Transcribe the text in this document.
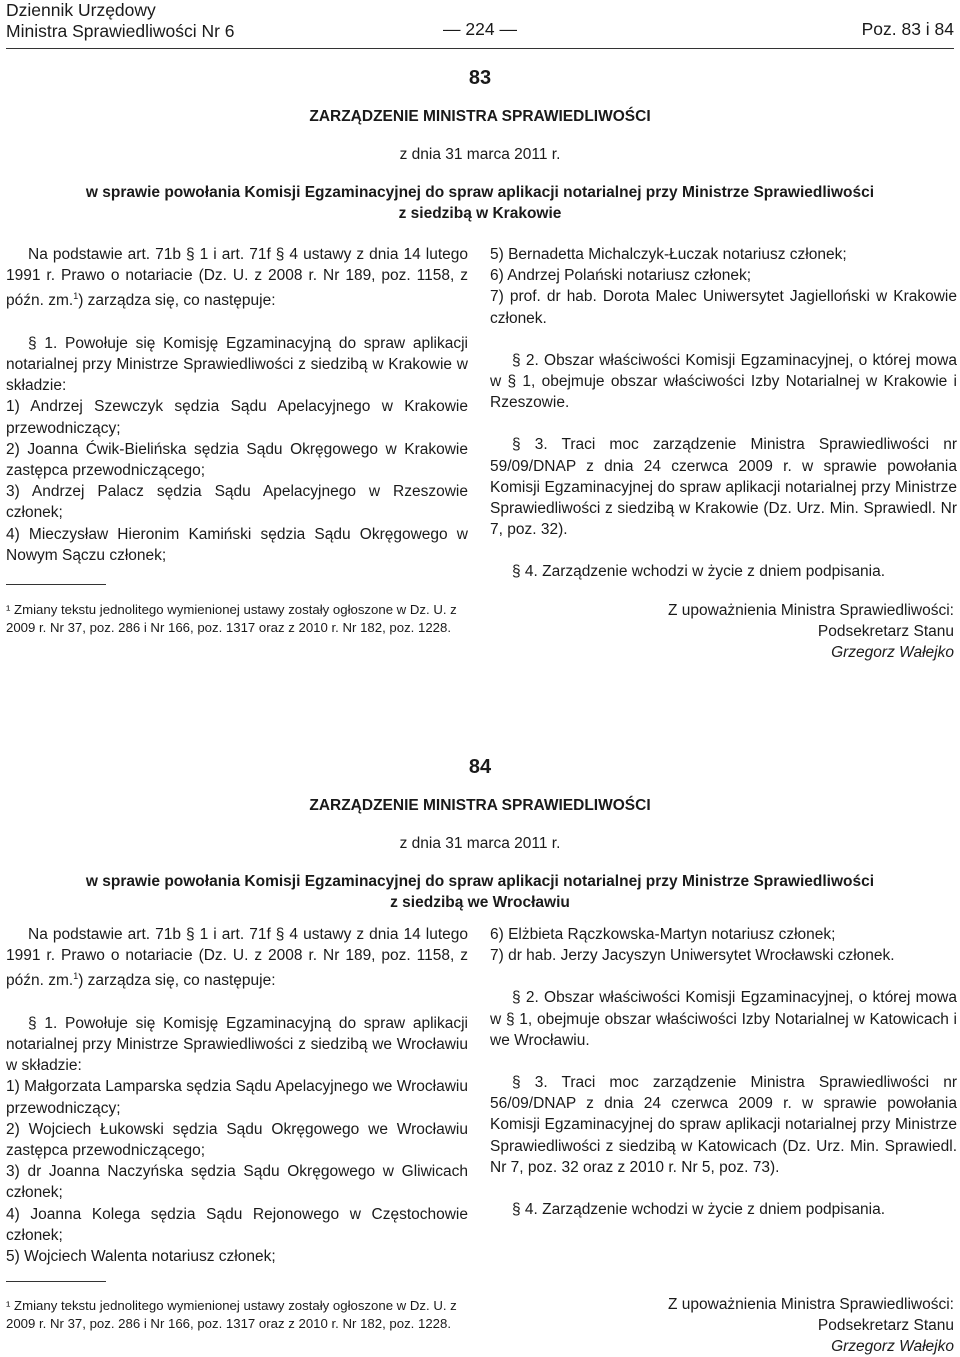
Dziennik Urzędowy
Ministra Sprawiedliwości Nr 6	— 224 —	Poz. 83 i 84
83
ZARZĄDZENIE MINISTRA SPRAWIEDLIWOŚCI
z dnia 31 marca 2011 r.
w sprawie powołania Komisji Egzaminacyjnej do spraw aplikacji notarialnej przy Ministrze Sprawiedliwości
z siedzibą w Krakowie

Na podstawie art. 71b § 1 i art. 71f § 4 ustawy z dnia 14 lutego 1991 r. Prawo o notariacie (Dz. U. z 2008 r. Nr 189, poz. 1158, z późn. zm.$^1$) zarządza się, co następuje:

§ 1. Powołuje się Komisję Egzaminacyjną do spraw aplikacji notarialnej przy Ministrze Sprawiedliwości z siedzibą w Krakowie w składzie:

1) Andrzej Szewczyk sędzia Sądu Apelacyjnego w Krakowie przewodniczący;

2) Joanna Ćwik-Bielińska sędzia Sądu Okręgowego w Krakowie zastępca przewodniczącego;

3) Andrzej Palacz sędzia Sądu Apelacyjnego w Rzeszowie członek;

4) Mieczysław Hieronim Kamiński sędzia Sądu Okręgowego w Nowym Sączu członek;

5) Bernadetta Michalczyk-Łuczak notariusz członek;

6) Andrzej Polański notariusz członek;

7) prof. dr hab. Dorota Malec Uniwersytet Jagielloński w Krakowie członek.

§ 2. Obszar właściwości Komisji Egzaminacyjnej, o której mowa w § 1, obejmuje obszar właściwości Izby Notarialnej w Krakowie i Rzeszowie.

§ 3. Traci moc zarządzenie Ministra Sprawiedliwości nr 59/09/DNAP z dnia 24 czerwca 2009 r. w sprawie powołania Komisji Egzaminacyjnej do spraw aplikacji notarialnej przy Ministrze Sprawiedliwości z siedzibą w Krakowie (Dz. Urz. Min. Sprawiedl. Nr 7, poz. 32).

§ 4. Zarządzenie wchodzi w życie z dniem podpisania.

¹ Zmiany tekstu jednolitego wymienionej ustawy zostały ogłoszone w Dz. U. z 2009 r. Nr 37, poz. 286 i Nr 166, poz. 1317 oraz z 2010 r. Nr 182, poz. 1228.
Z upoważnienia Ministra Sprawiedliwości:
Podsekretarz Stanu
Grzegorz Wałejko
84
ZARZĄDZENIE MINISTRA SPRAWIEDLIWOŚCI
z dnia 31 marca 2011 r.
w sprawie powołania Komisji Egzaminacyjnej do spraw aplikacji notarialnej przy Ministrze Sprawiedliwości
z siedzibą we Wrocławiu

Na podstawie art. 71b § 1 i art. 71f § 4 ustawy z dnia 14 lutego 1991 r. Prawo o notariacie (Dz. U. z 2008 r. Nr 189, poz. 1158, z późn. zm.$^1$) zarządza się, co następuje:

§ 1. Powołuje się Komisję Egzaminacyjną do spraw aplikacji notarialnej przy Ministrze Sprawiedliwości z siedzibą we Wrocławiu w składzie:

1) Małgorzata Lamparska sędzia Sądu Apelacyjnego we Wrocławiu przewodniczący;

2) Wojciech Łukowski sędzia Sądu Okręgowego we Wrocławiu zastępca przewodniczącego;

3) dr Joanna Naczyńska sędzia Sądu Okręgowego w Gliwicach członek;

4) Joanna Kolega sędzia Sądu Rejonowego w Częstochowie członek;

5) Wojciech Walenta notariusz członek;

6) Elżbieta Rączkowska-Martyn notariusz członek;

7) dr hab. Jerzy Jacyszyn Uniwersytet Wrocławski członek.

§ 2. Obszar właściwości Komisji Egzaminacyjnej, o której mowa w § 1, obejmuje obszar właściwości Izby Notarialnej w Katowicach i we Wrocławiu.

§ 3. Traci moc zarządzenie Ministra Sprawiedliwości nr 56/09/DNAP z dnia 24 czerwca 2009 r. w sprawie powołania Komisji Egzaminacyjnej do spraw aplikacji notarialnej przy Ministrze Sprawiedliwości z siedzibą w Katowicach (Dz. Urz. Min. Sprawiedl. Nr 7, poz. 32 oraz z 2010 r. Nr 5, poz. 73).

§ 4. Zarządzenie wchodzi w życie z dniem podpisania.

¹ Zmiany tekstu jednolitego wymienionej ustawy zostały ogłoszone w Dz. U. z 2009 r. Nr 37, poz. 286 i Nr 166, poz. 1317 oraz z 2010 r. Nr 182, poz. 1228.
Z upoważnienia Ministra Sprawiedliwości:
Podsekretarz Stanu
Grzegorz Wałejko
